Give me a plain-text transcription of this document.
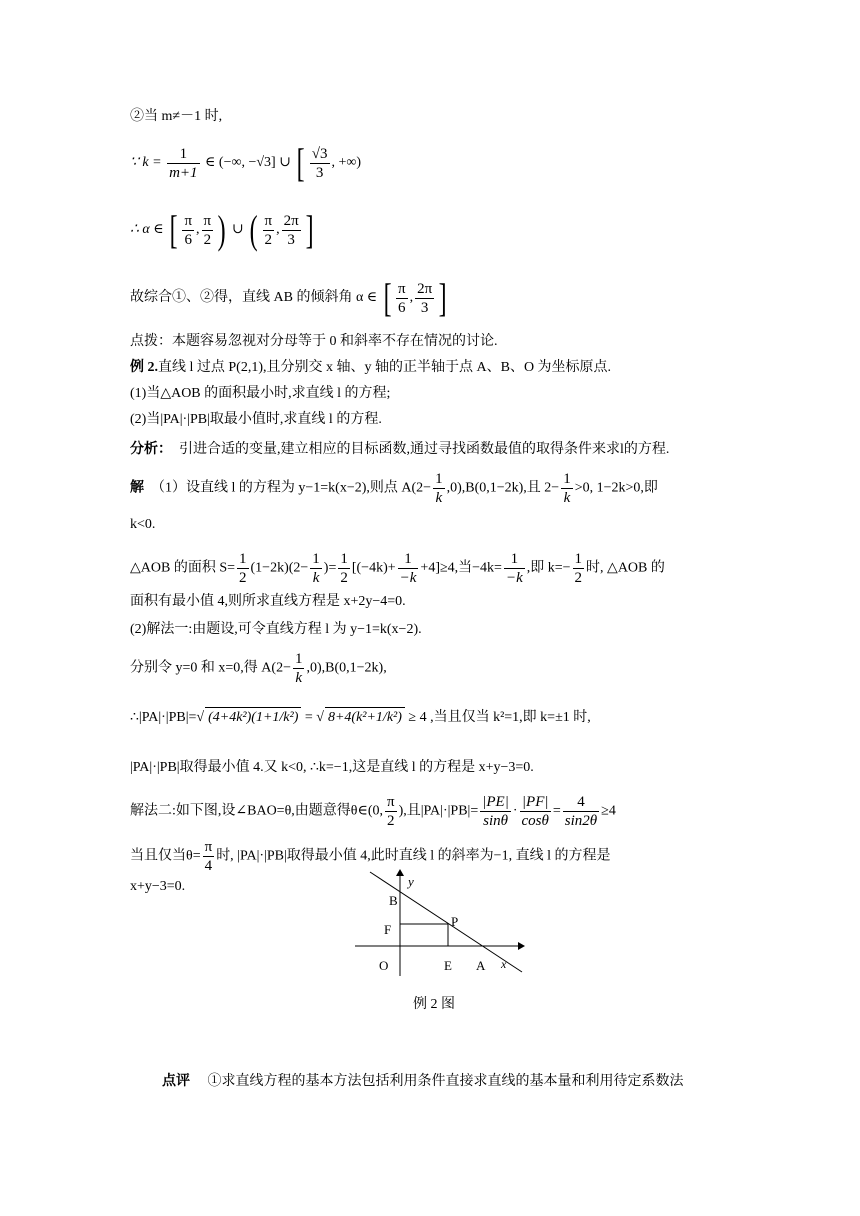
②当 m≠－1 时,
∵ $k = \frac{1}{m+1}$ ∈ (−∞, −√3] ∪ [ $\frac{√3}{3}$ , +∞)
∴ α ∈ [ $\frac{\pi}{6}$ , $\frac{\pi}{2}$ ) ∪ ( $\frac{\pi}{2}$ , $\frac{2\pi}{3}$ ]
故综合①、②得，直线 AB 的倾斜角 α ∈ [ $\frac{\pi}{6}$ , $\frac{2\pi}{3}$ ]
点拨：本题容易忽视对分母等于 0 和斜率不存在情况的讨论.
例 2.直线 l 过点 P(2,1),且分别交 x 轴、y 轴的正半轴于点 A、B、O 为坐标原点.
(1)当△AOB 的面积最小时,求直线 l 的方程;
(2)当|PA|·|PB|取最小值时,求直线 l 的方程.
分析： 引进合适的变量,建立相应的目标函数,通过寻找函数最值的取得条件来求l的方程.
解 （1）设直线 l 的方程为 y−1=k(x−2),则点 $A(2- \frac{1}{k} ,0),B(0,1-2k)$,且 $2- \frac{1}{k} >0$, 1−2k>0,即
k<0.
△AOB 的面积 $S= \frac{1}{2} (1-2k)(2- \frac{1}{k}$ )= $\frac{1}{2} [(-4k)+ \frac{1}{-k} +4]\ge 4$,当$-4k= \frac{1}{-k}$ ,即 $k=- \frac{1}{2}$ 时, △AOB 的
面积有最小值 4,则所求直线方程是 x+2y−4=0.
(2)解法一:由题设,可令直线方程 l 为 y−1=k(x−2).
分别令 y=0 和 x=0,得 $A(2- \frac{1}{k} ,0),B(0,1-2k)$,
∴|PA|·|PB|=√ (4+4k²)(1+1/k²) = √ 8+4(k²+1/k²) ≥ 4 ,当且仅当 k²=1,即 k=±1 时,
|PA|·|PB|取得最小值 4.又 k<0, ∴k=−1,这是直线 l 的方程是 x+y−3=0.
解法二:如下图,设∠BAO=θ,由题意得θ∈(0, $\frac{\pi}{2}$ ),且$|PA|\cdot|PB|= \frac{|PE|}{\sin\theta} \cdot \frac{|PF|}{\cos\theta} = \frac{4}{\sin 2\theta} \ge 4$
当且仅当$\theta= \frac{\pi}{4}$ 时, |PA|·|PB|取得最小值 4,此时直线 l 的斜率为−1, 直线 l 的方程是
x+y−3=0.	y
B
P
F
O	E A x
例 2 图
点评 ①求直线方程的基本方法包括利用条件直接求直线的基本量和利用待定系数法
